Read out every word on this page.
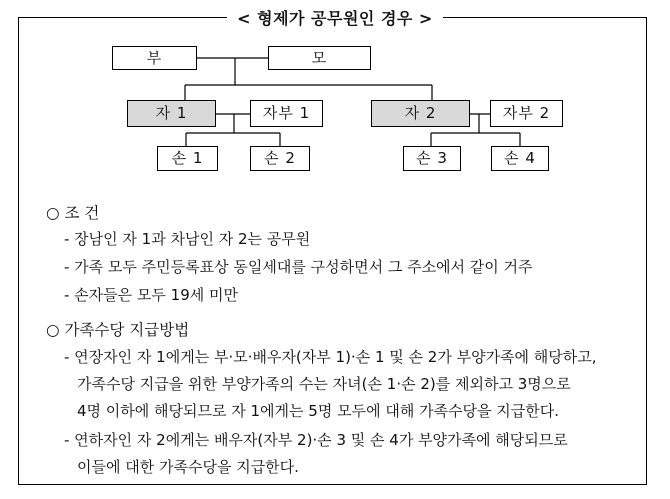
< 형제가 공무원인 경우 >
부	모
자 1	자부 1	자 2	자부 2
손 1	손 2	손 3	손 4
○ 조 건
- 장남인 자 1과 차남인 자 2는 공무원
- 가족 모두 주민등록표상 동일세대를 구성하면서 그 주소에서 같이 거주
- 손자들은 모두 19세 미만
○ 가족수당 지급방법
- 연장자인 자 1에게는 부·모·배우자(자부 1)·손 1 및 손 2가 부양가족에 해당하고,
가족수당 지급을 위한 부양가족의 수는 자녀(손 1·손 2)를 제외하고 3명으로
4명 이하에 해당되므로 자 1에게는 5명 모두에 대해 가족수당을 지급한다.
- 연하자인 자 2에게는 배우자(자부 2)·손 3 및 손 4가 부양가족에 해당되므로
이들에 대한 가족수당을 지급한다.
